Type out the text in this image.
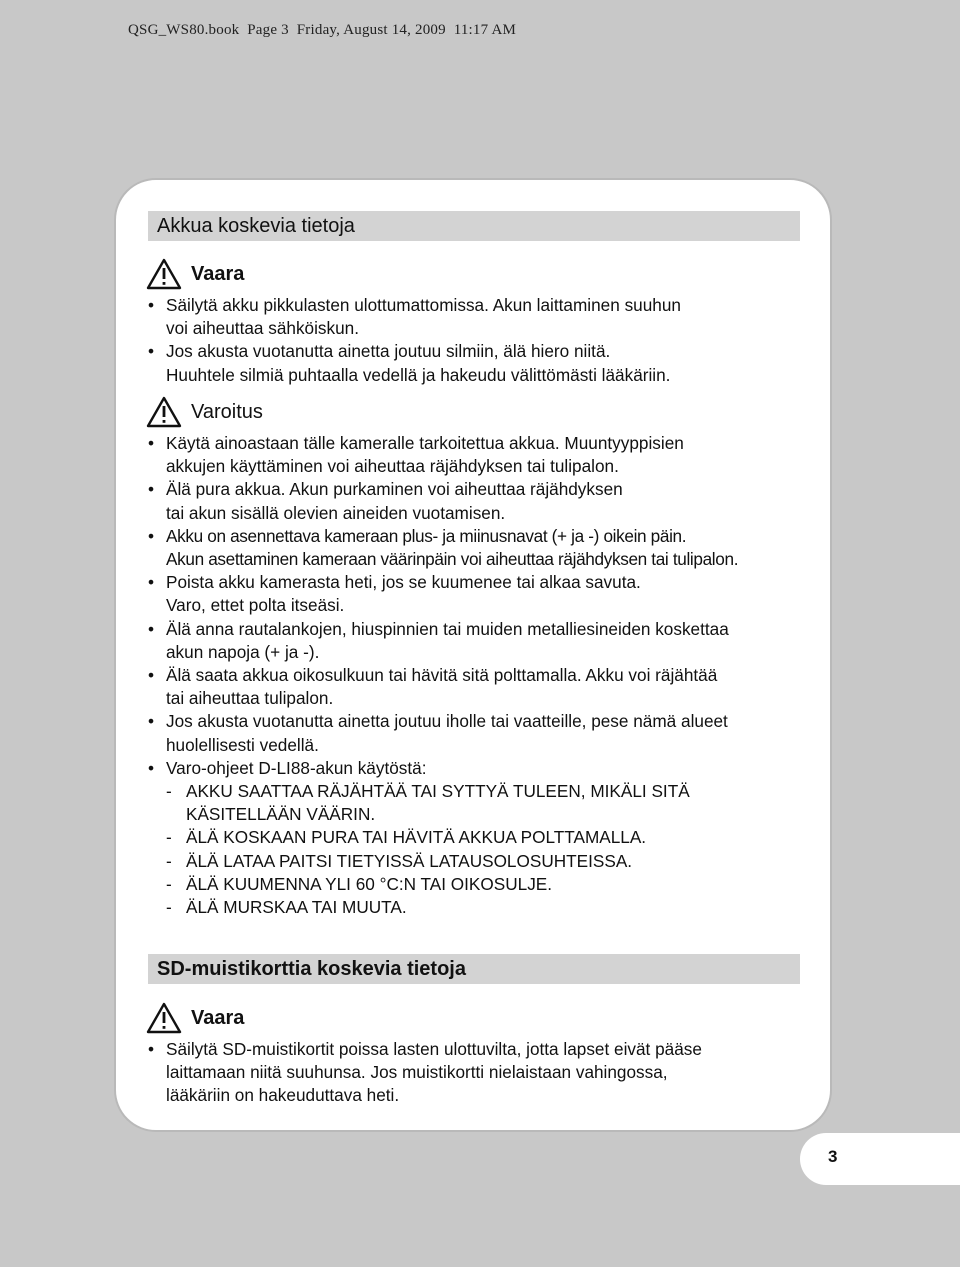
QSG_WS80.book  Page 3  Friday, August 14, 2009  11:17 AM
Akkua koskevia tietoja
Vaara
• Säilytä akku pikkulasten ulottumattomissa. Akun laittaminen suuhun
voi aiheuttaa sähköiskun.
• Jos akusta vuotanutta ainetta joutuu silmiin, älä hiero niitä.
Huuhtele silmiä puhtaalla vedellä ja hakeudu välittömästi lääkäriin.
Varoitus
• Käytä ainoastaan tälle kameralle tarkoitettua akkua. Muuntyyppisien
akkujen käyttäminen voi aiheuttaa räjähdyksen tai tulipalon.
• Älä pura akkua. Akun purkaminen voi aiheuttaa räjähdyksen
tai akun sisällä olevien aineiden vuotamisen.
• Akku on asennettava kameraan plus- ja miinusnavat (+ ja -) oikein päin.
Akun asettaminen kameraan väärinpäin voi aiheuttaa räjähdyksen tai tulipalon.
• Poista akku kamerasta heti, jos se kuumenee tai alkaa savuta.
Varo, ettet polta itseäsi.
• Älä anna rautalankojen, hiuspinnien tai muiden metalliesineiden koskettaa
akun napoja (+ ja -).
• Älä saata akkua oikosulkuun tai hävitä sitä polttamalla. Akku voi räjähtää
tai aiheuttaa tulipalon.
• Jos akusta vuotanutta ainetta joutuu iholle tai vaatteille, pese nämä alueet
huolellisesti vedellä.
• Varo-ohjeet D-LI88-akun käytöstä:
- AKKU SAATTAA RÄJÄHTÄÄ TAI SYTTYÄ TULEEN, MIKÄLI SITÄ
KÄSITELLÄÄN VÄÄRIN.
- ÄLÄ KOSKAAN PURA TAI HÄVITÄ AKKUA POLTTAMALLA.
- ÄLÄ LATAA PAITSI TIETYISSÄ LATAUSOLOSUHTEISSA.
- ÄLÄ KUUMENNA YLI 60 °C:N TAI OIKOSULJE.
- ÄLÄ MURSKAA TAI MUUTA.
SD-muistikorttia koskevia tietoja
Vaara
• Säilytä SD-muistikortit poissa lasten ulottuvilta, jotta lapset eivät pääse
laittamaan niitä suuhunsa. Jos muistikortti nielaistaan vahingossa,
lääkäriin on hakeuduttava heti.
3
